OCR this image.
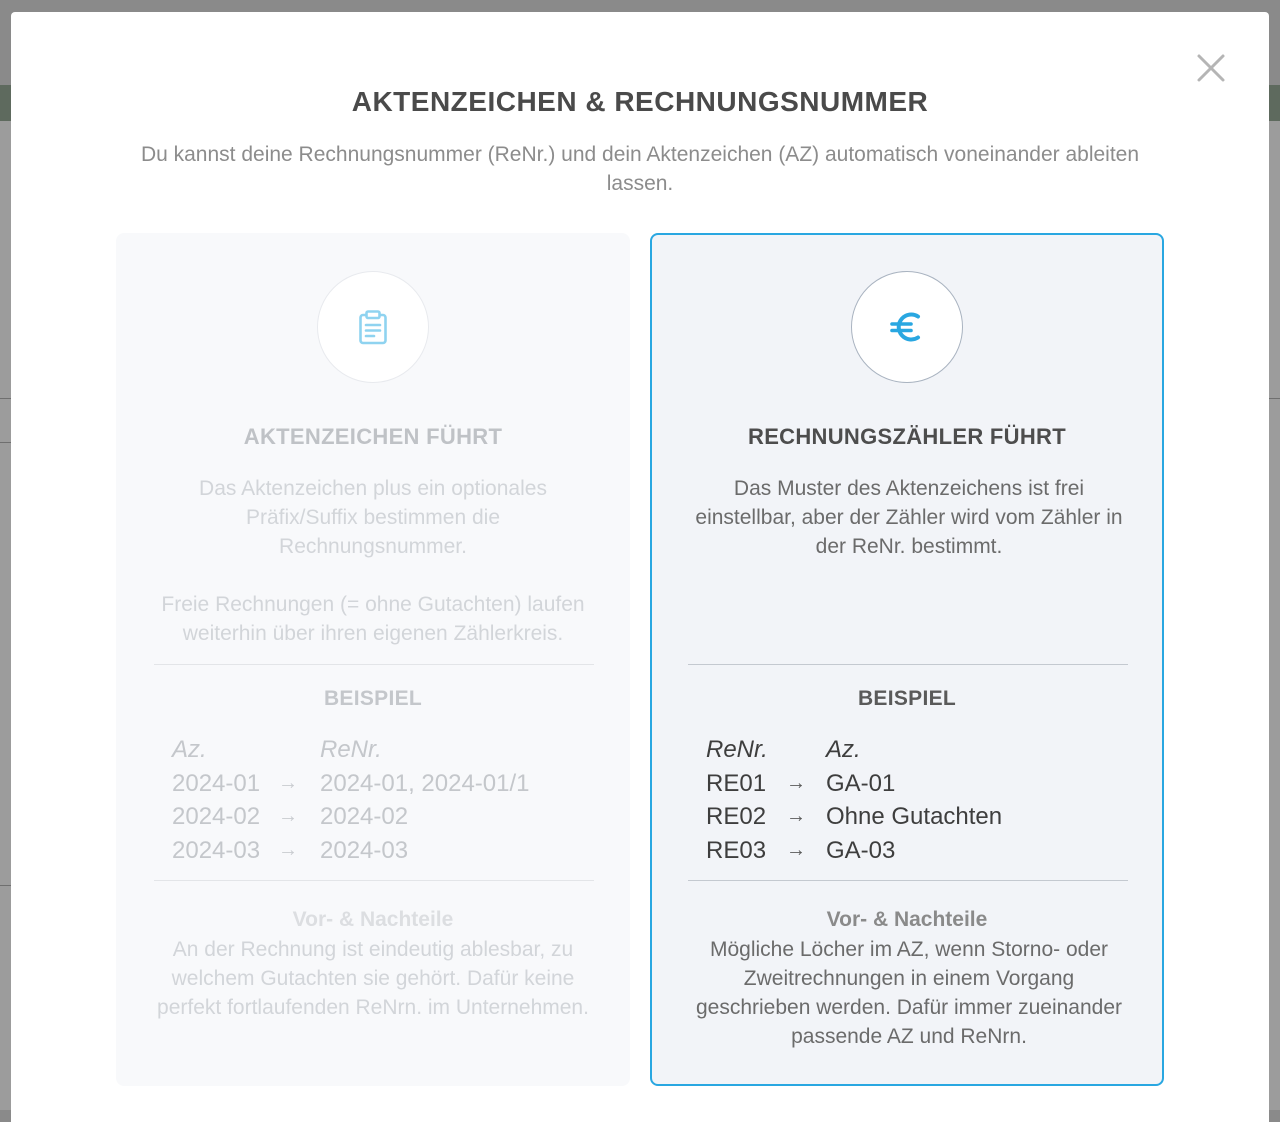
AKTENZEICHEN & RECHNUNGSNUMMER
Du kannst deine Rechnungsnummer (ReNr.) und dein Aktenzeichen (AZ) automatisch voneinander ableiten lassen.
AKTENZEICHEN FÜHRT

Das Aktenzeichen plus ein optionales Präfix/Suffix bestimmen die Rechnungsnummer.

Freie Rechnungen (= ohne Gutachten) laufen weiterhin über ihren eigenen Zählerkreis.

BEISPIEL
Az.	ReNr.
2024-01 → 2024-01, 2024-01/1
2024-02 → 2024-02
2024-03 → 2024-03
Vor- & Nachteile
An der Rechnung ist eindeutig ablesbar, zu welchem Gutachten sie gehört. Dafür keine perfekt fortlaufenden ReNrn. im Unternehmen.
RECHNUNGSZÄHLER FÜHRT

Das Muster des Aktenzeichens ist frei einstellbar, aber der Zähler wird vom Zähler in der ReNr. bestimmt.

BEISPIEL
ReNr. Az.
RE01 → GA-01
RE02 → Ohne Gutachten
RE03 → GA-03
Vor- & Nachteile
Mögliche Löcher im AZ, wenn Storno- oder Zweitrechnungen in einem Vorgang geschrieben werden. Dafür immer zueinander passende AZ und ReNrn.
